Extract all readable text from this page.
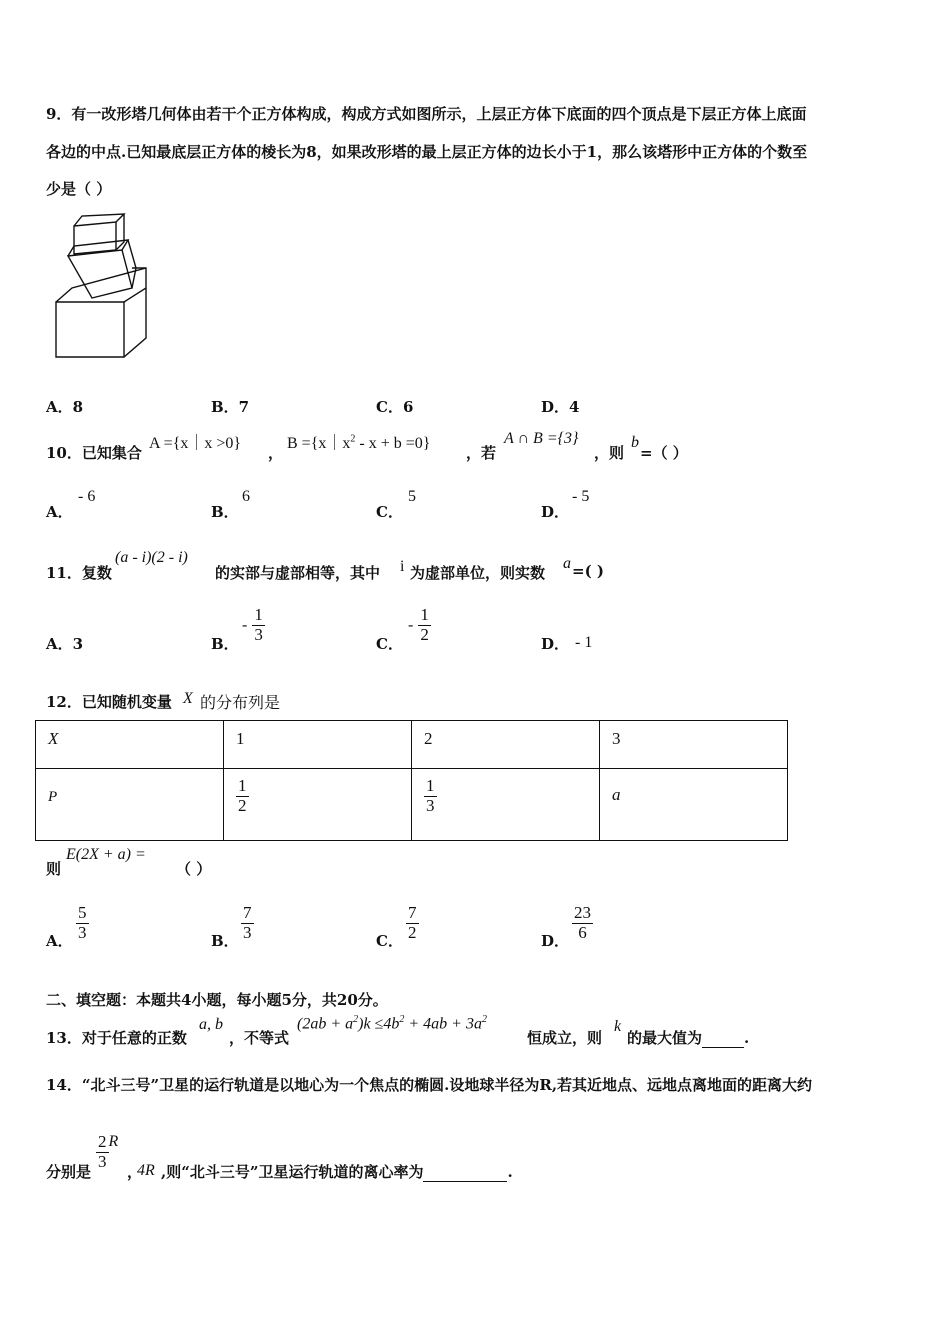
9．有一改形塔几何体由若干个正方体构成，构成方式如图所示，上层正方体下底面的四个顶点是下层正方体上底面
各边的中点.已知最底层正方体的棱长为8，如果改形塔的最上层正方体的边长小于1，那么该塔形中正方体的个数至
少是（ ）
A．8	B．7	C．6	D．4
10．已知集合
A ={x｜x >0}
，
$B =\{x|x^2 - x + b =0\}$
，若
A ∩ B ={3}
，则
b
=（ ）
A．
- 6
B．
6
C．
5
D．
- 5
11．复数
(a - i)(2 - i)
的实部与虚部相等，其中 i 为虚部单位，则实数
a =( )
A．3	B．
- $\frac{1}{3}$	C．
- $\frac{1}{2}$	D． - 1
12．已知随机变量 X 的分布列是
X	1	2	3
P	$\frac{1}{2}$	$\frac{1}{3}$	a
则
E(2X + a) =
（ ）
A． $\frac{5}{3}$	B． $\frac{7}{3}$	C． $\frac{7}{2}$	D． $\frac{23}{6}$
二、填空题：本题共4小题，每小题5分，共20分。
13．对于任意的正数
a, b
，不等式
$(2ab + a^2)k \le 4b^2 + 4ab + 3a^2$
恒成立，则
k
的最大值为	.
14．“北斗三号”卫星的运行轨道是以地心为一个焦点的椭圆.设地球半径为R,若其近地点、远地点离地面的距离大约
分别是
$\frac{2}{3}$ R
，
4R ,则“北斗三号”卫星运行轨道的离心率为	.
